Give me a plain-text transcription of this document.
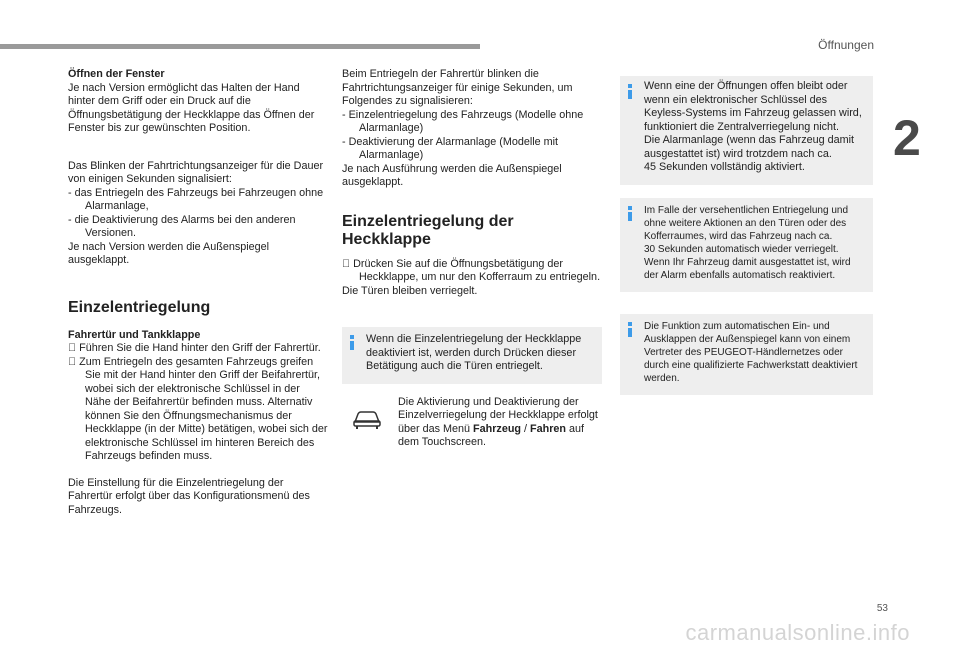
Öffnungen
2
53
carmanualsonline.info
Öffnen der Fenster

Je nach Version ermöglicht das Halten der Hand hinter dem Griff oder ein Druck auf die Öffnungsbetätigung der Heckklappe das Öffnen der Fenster bis zur gewünschten Position.

Das Blinken der Fahrtrichtungsanzeiger für die Dauer von einigen Sekunden signalisiert:
- das Entriegeln des Fahrzeugs bei Fahrzeugen ohne Alarmanlage,
- die Deaktivierung des Alarms bei den anderen Versionen.

Je nach Version werden die Außenspiegel ausgeklappt.

Einzelentriegelung

Fahrertür und Tankklappe

Führen Sie die Hand hinter den Griff der Fahrertür.
Zum Entriegeln des gesamten Fahrzeugs greifen Sie mit der Hand hinter den Griff der Beifahrertür, wobei sich der elektronische Schlüssel in der Nähe der Beifahrertür befinden muss. Alternativ können Sie den Öffnungsmechanismus der Heckklappe (in der Mitte) betätigen, wobei sich der elektronische Schlüssel im hinteren Bereich des Fahrzeugs befinden muss.

Die Einstellung für die Einzelentriegelung der Fahrertür erfolgt über das Konfigurationsmenü des Fahrzeugs.

Beim Entriegeln der Fahrertür blinken die Fahrtrichtungsanzeiger für einige Sekunden, um Folgendes zu signalisieren:
- Einzelentriegelung des Fahrzeugs (Modelle ohne Alarmanlage)
- Deaktivierung der Alarmanlage (Modelle mit Alarmanlage)

Je nach Ausführung werden die Außenspiegel ausgeklappt.

Einzelentriegelung der Heckklappe
Drücken Sie auf die Öffnungsbetätigung der Heckklappe, um nur den Kofferraum zu entriegeln.

Die Türen bleiben verriegelt.

Wenn die Einzelentriegelung der Heckklappe deaktiviert ist, werden durch Drücken dieser Betätigung auch die Türen entriegelt.
Die Aktivierung und Deaktivierung der Einzelverriegelung der Heckklappe erfolgt über das Menü Fahrzeug / Fahren auf dem Touchscreen.
Wenn eine der Öffnungen offen bleibt oder wenn ein elektronischer Schlüssel des Keyless-Systems im Fahrzeug gelassen wird, funktioniert die Zentralverriegelung nicht.
Die Alarmanlage (wenn das Fahrzeug damit ausgestattet ist) wird trotzdem nach ca.
45 Sekunden vollständig aktiviert.
Im Falle der versehentlichen Entriegelung und ohne weitere Aktionen an den Türen oder des Kofferraumes, wird das Fahrzeug nach ca.
30 Sekunden automatisch wieder verriegelt.
Wenn Ihr Fahrzeug damit ausgestattet ist, wird der Alarm ebenfalls automatisch reaktiviert.
Die Funktion zum automatischen Ein- und Ausklappen der Außenspiegel kann von einem Vertreter des PEUGEOT-Händlernetzes oder durch eine qualifizierte Fachwerkstatt deaktiviert werden.
